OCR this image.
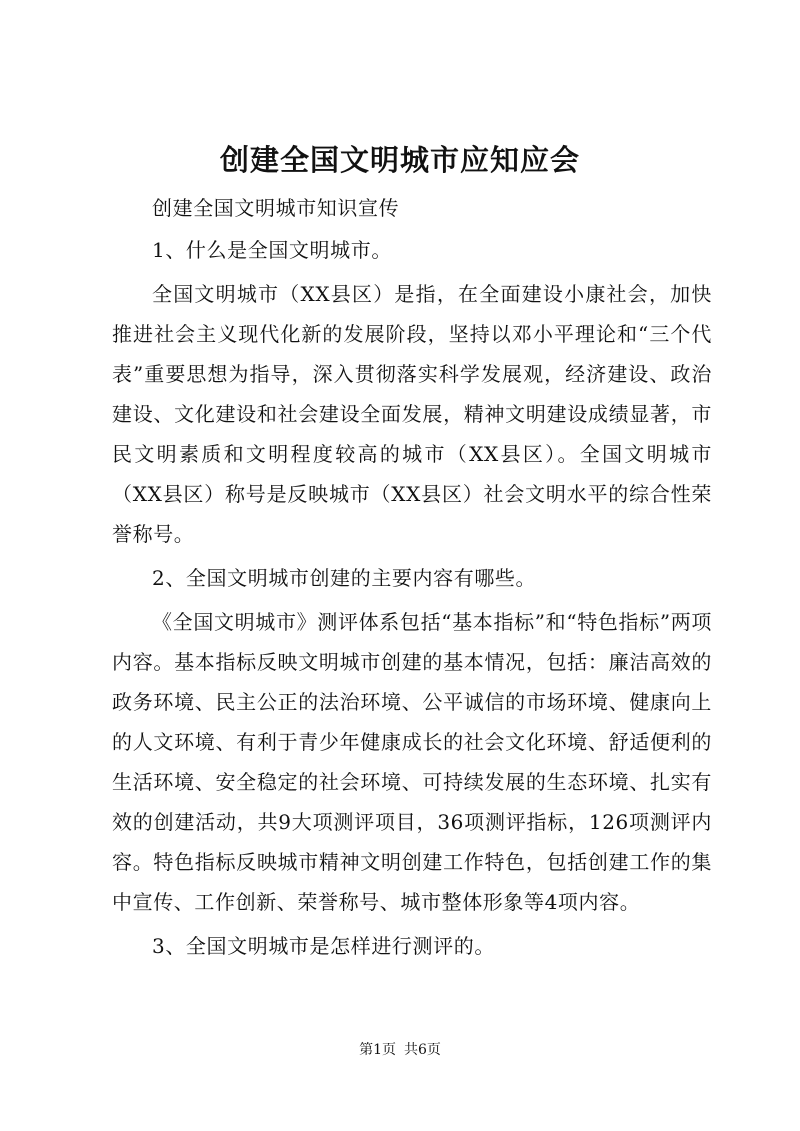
创建全国文明城市应知应会

创建全国文明城市知识宣传

1、什么是全国文明城市。

全国文明城市（XX县区）是指，在全面建设小康社会，加快推进社会主义现代化新的发展阶段，坚持以邓小平理论和“三个代表”重要思想为指导，深入贯彻落实科学发展观，经济建设、政治建设、文化建设和社会建设全面发展，精神文明建设成绩显著，市民文明素质和文明程度较高的城市（XX县区）。全国文明城市（XX县区）称号是反映城市（XX县区）社会文明水平的综合性荣誉称号。

2、全国文明城市创建的主要内容有哪些。

《全国文明城市》测评体系包括“基本指标”和“特色指标”两项内容。基本指标反映文明城市创建的基本情况，包括：廉洁高效的政务环境、民主公正的法治环境、公平诚信的市场环境、健康向上的人文环境、有利于青少年健康成长的社会文化环境、舒适便利的生活环境、安全稳定的社会环境、可持续发展的生态环境、扎实有效的创建活动，共9大项测评项目，36项测评指标，126项测评内容。特色指标反映城市精神文明创建工作特色，包括创建工作的集中宣传、工作创新、荣誉称号、城市整体形象等4项内容。

3、全国文明城市是怎样进行测评的。

第1页 共6页
